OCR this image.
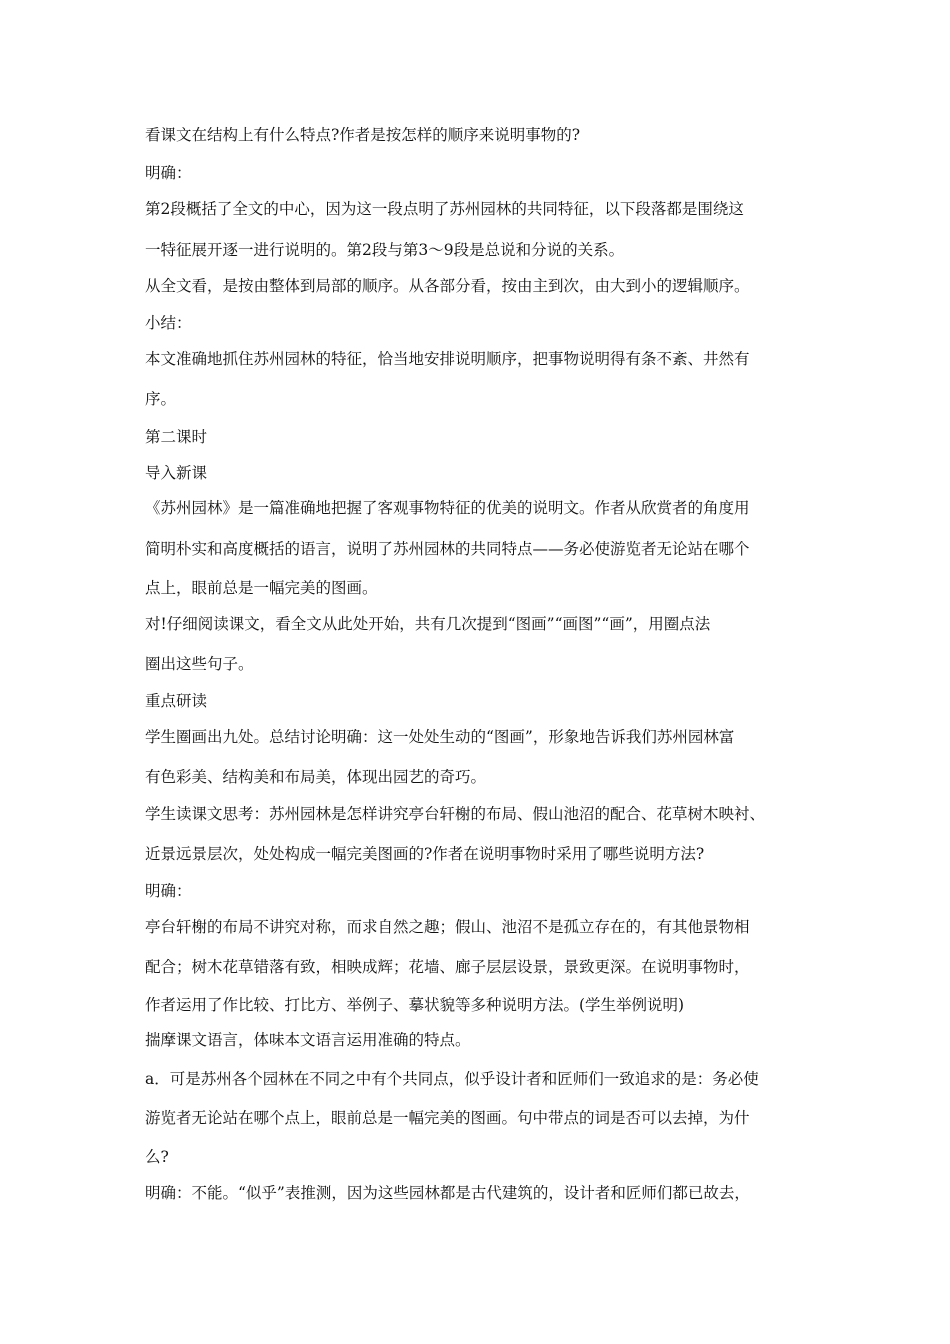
看课文在结构上有什么特点?作者是按怎样的顺序来说明事物的?
明确：
第2段概括了全文的中心，因为这一段点明了苏州园林的共同特征，以下段落都是围绕这
一特征展开逐一进行说明的。第2段与第3～9段是总说和分说的关系。
从全文看，是按由整体到局部的顺序。从各部分看，按由主到次，由大到小的逻辑顺序。
小结：
本文准确地抓住苏州园林的特征，恰当地安排说明顺序，把事物说明得有条不紊、井然有
序。
第二课时
导入新课
《苏州园林》是一篇准确地把握了客观事物特征的优美的说明文。作者从欣赏者的角度用
简明朴实和高度概括的语言，说明了苏州园林的共同特点——务必使游览者无论站在哪个
点上，眼前总是一幅完美的图画。
对!仔细阅读课文，看全文从此处开始，共有几次提到“图画”“画图”“画”，用圈点法
圈出这些句子。
重点研读
学生圈画出九处。总结讨论明确：这一处处生动的“图画”，形象地告诉我们苏州园林富
有色彩美、结构美和布局美，体现出园艺的奇巧。
学生读课文思考：苏州园林是怎样讲究亭台轩榭的布局、假山池沼的配合、花草树木映衬、
近景远景层次，处处构成一幅完美图画的?作者在说明事物时采用了哪些说明方法?
明确：
亭台轩榭的布局不讲究对称，而求自然之趣；假山、池沼不是孤立存在的，有其他景物相
配合；树木花草错落有致，相映成辉；花墙、廊子层层设景，景致更深。在说明事物时，
作者运用了作比较、打比方、举例子、摹状貌等多种说明方法。(学生举例说明)
揣摩课文语言，体味本文语言运用准确的特点。
a．可是苏州各个园林在不同之中有个共同点，似乎设计者和匠师们一致追求的是：务必使
游览者无论站在哪个点上，眼前总是一幅完美的图画。句中带点的词是否可以去掉，为什
么?
明确：不能。“似乎”表推测，因为这些园林都是古代建筑的，设计者和匠师们都已故去，
